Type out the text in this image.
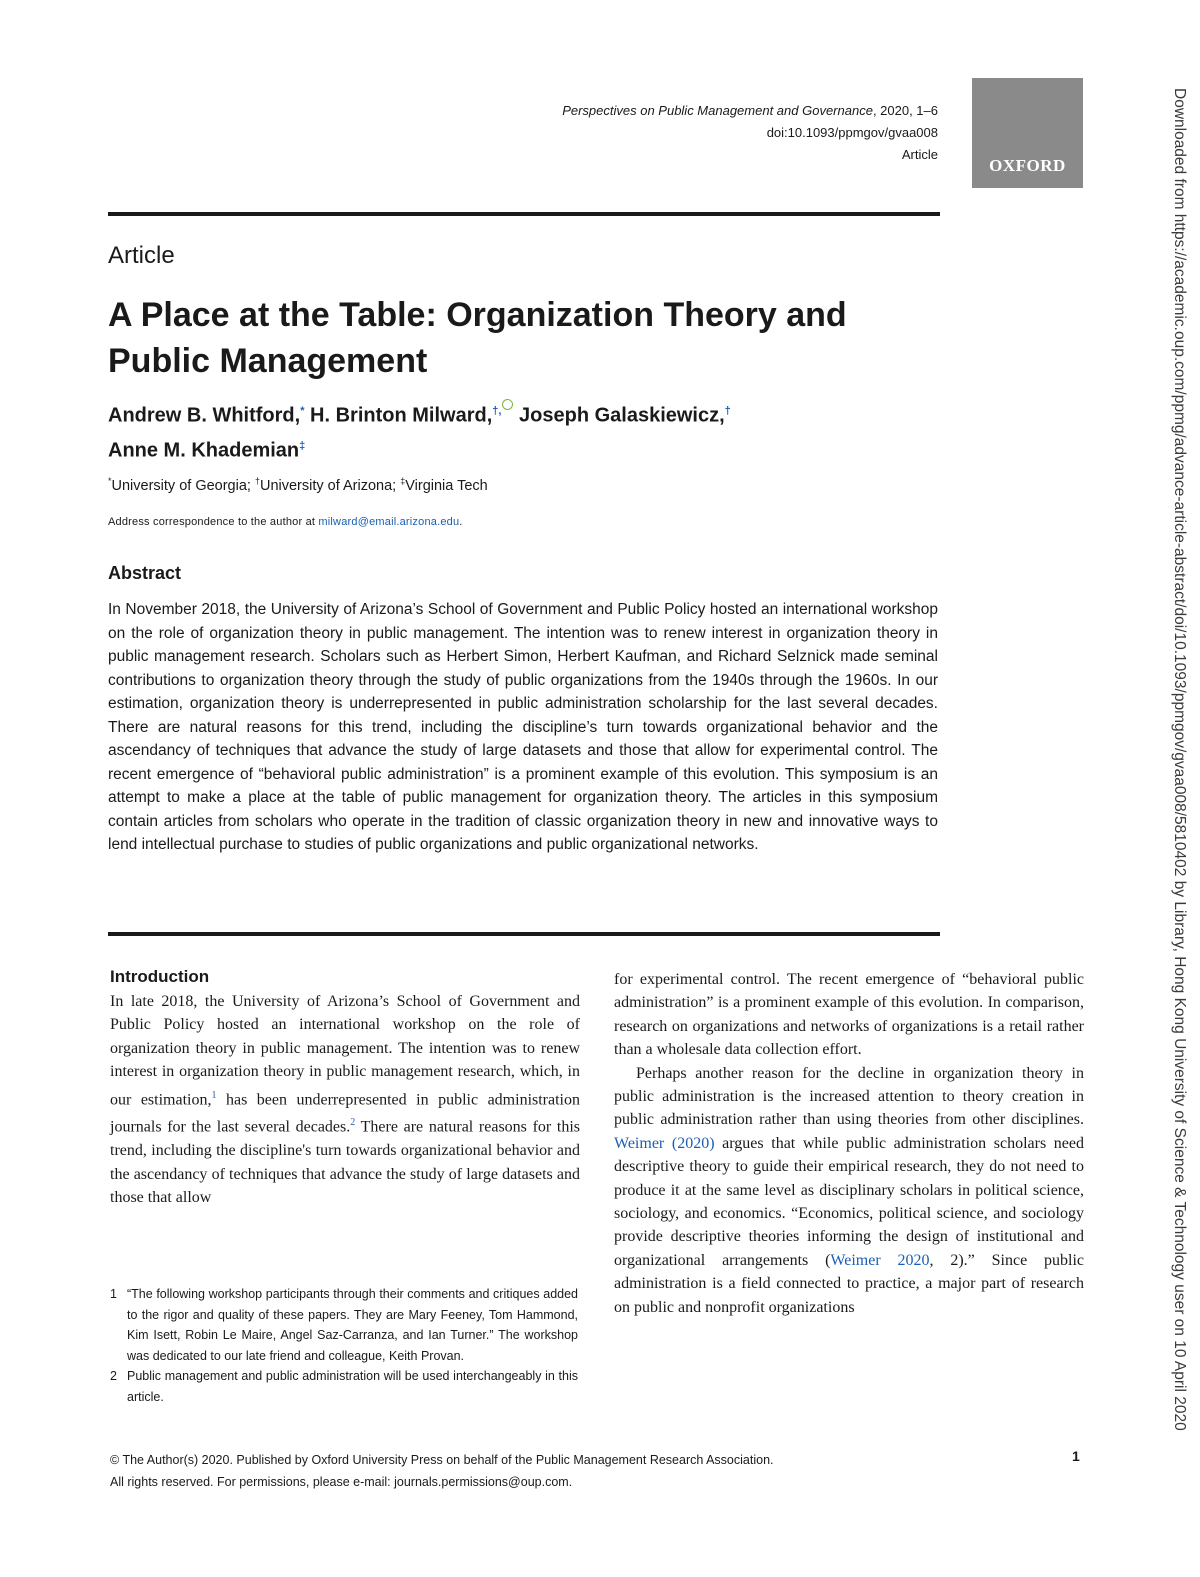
Perspectives on Public Management and Governance, 2020, 1–6
doi:10.1093/ppmgov/gvaa008
Article
OXFORD
Article
A Place at the Table: Organization Theory and Public Management
Andrew B. Whitford,* H. Brinton Milward,†, Joseph Galaskiewicz,†
Anne M. Khademian‡
*University of Georgia; †University of Arizona; ‡Virginia Tech
Address correspondence to the author at milward@email.arizona.edu.
Abstract
In November 2018, the University of Arizona’s School of Government and Public Policy hosted an international workshop on the role of organization theory in public management. The intention was to renew interest in organization theory in public management research. Scholars such as Herbert Simon, Herbert Kaufman, and Richard Selznick made seminal contributions to organization theory through the study of public organizations from the 1940s through the 1960s. In our estimation, organization theory is underrepresented in public administration scholarship for the last several decades. There are natural reasons for this trend, including the discipline’s turn towards organizational behavior and the ascendancy of techniques that advance the study of large datasets and those that allow for experimental control. The recent emergence of “behavioral public administration” is a prominent example of this evolution. This symposium is an attempt to make a place at the table of public management for organization theory. The articles in this symposium contain articles from scholars who operate in the tradition of classic organization theory in new and innovative ways to lend intellectual purchase to studies of public organizations and public organizational networks.
Introduction

In late 2018, the University of Arizona’s School of Government and Public Policy hosted an international workshop on the role of organization theory in public management. The intention was to renew interest in organization theory in public management research, which, in our estimation,$^1$ has been underrepresented in public administration journals for the last several decades.$^2$ There are natural reasons for this trend, including the discipline's turn towards organizational behavior and the ascendancy of techniques that advance the study of large datasets and those that allow

1 “The following workshop participants through their comments and critiques added to the rigor and quality of these papers. They are Mary Feeney, Tom Hammond, Kim Isett, Robin Le Maire, Angel Saz-Carranza, and Ian Turner.” The workshop was dedicated to our late friend and colleague, Keith Provan.
2 Public management and public administration will be used interchangeably in this article.

for experimental control. The recent emergence of “behavioral public administration” is a prominent example of this evolution. In comparison, research on organizations and networks of organizations is a retail rather than a wholesale data collection effort.

Perhaps another reason for the decline in organization theory in public administration is the increased attention to theory creation in public administration rather than using theories from other disciplines. Weimer (2020) argues that while public administration scholars need descriptive theory to guide their empirical research, they do not need to produce it at the same level as disciplinary scholars in political science, sociology, and economics. “Economics, political science, and sociology provide descriptive theories informing the design of institutional and organizational arrangements (Weimer 2020, 2).” Since public administration is a field connected to practice, a major part of research on public and nonprofit organizations

© The Author(s) 2020. Published by Oxford University Press on behalf of the Public Management Research Association.
All rights reserved. For permissions, please e-mail: journals.permissions@oup.com.
1
Downloaded from https://academic.oup.com/ppmg/advance-article-abstract/doi/10.1093/ppmgov/gvaa008/5810402 by Library, Hong Kong University of Science & Technology user on 10 April 2020
